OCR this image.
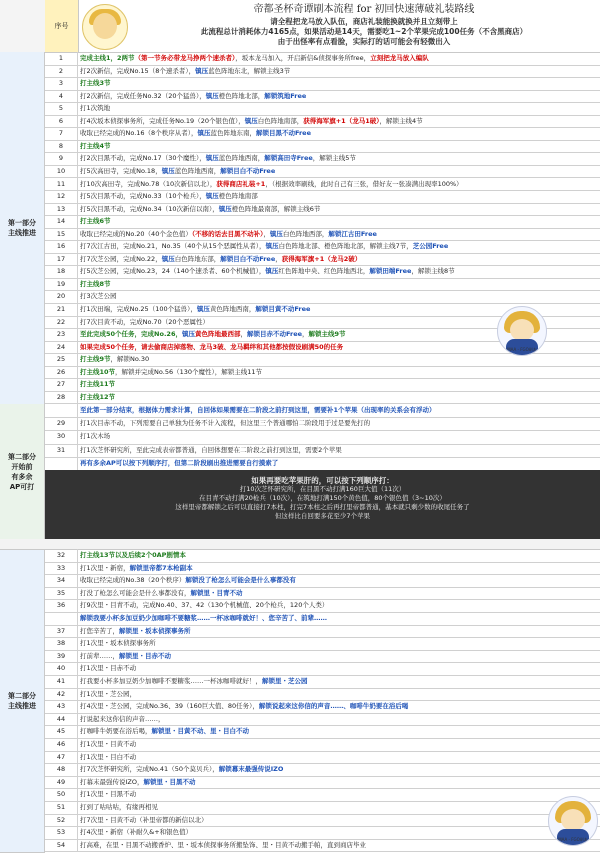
序号
帝都圣杯奇谭刷本流程 for 初回快速薄破礼装路线
请全程把龙马放入队伍，商店礼装能换就换并且立刻带上
此流程总计消耗体力4165点，如果活动是14天，需要吃1~2个苹果完成100任务（不含黑商店）
由于出怪率有点看脸，实际打的话可能会有轻微出入
第一部分
主线推进
第二部分
开始前
有多余
AP可打
第二部分
主线推进
1	完成主线1，2两节（第一节务必带龙马挣两个速杀者），坂本龙马加入，开启新信&侦探事务所free，立刻把龙马放入编队
2	打2次新信，完成No.15（8个速杀者），镇压蓝色阵地东北，解锁主线3节
3	打主线3节
4	打2次新信，完成任务No.32（20个猛兽），镇压橙色阵地北部，解锁筑地Free
5	打1次筑地
6	打4次坂本侦探事务所，完成任务No.19（20个银色值），镇压白色阵地南部，获得海军旗+1（龙马1破），解锁主线4节
7	收取已经完成的No.16（8个秩序从者），镇压蓝色阵地东南，解锁目黑不动Free
8	打主线4节
9	打2次目黑不动，完成No.17（30个魔性），镇压蓝色阵地西南，解锁高田寺Free，解锁主线5节
10	打5次高田寺，完成No.18，镇压蓝色阵地西南，解锁目白不动Free
11	打10次高田寺，完成No.78（10次新信以北），获得商店礼装+1，（根据效率刷线，此时自己有三张，借好友一张凑满出现率100%）
12	打5次目黑不动，完成No.33（10个枪兵），镇压橙色阵地南部
13	打5次目黑不动，完成No.34（10次新信以南），镇压橙色阵地最南部，解锁主线6节
14	打主线6节
15	收取已经完成的No.20（40个金色值）（不移的话去目黑不动补），镇压白色阵地西部，解锁江古田Free
16	打7次江古田，完成No.21，No.35（40个从15个恶属性从者），镇压白色阵地北部、橙色阵地北部，解锁主线7节，芝公园Free
17	打7次芝公园，完成No.22，镇压白色阵地东部，解锁目白不动Free，获得海军旗+1（龙马2破）
18	打5次芝公园，完成No.23，24（140个速杀者、60个机械值），镇压红色阵地中央、红色阵地西北，解锁田端Free，解锁主线8节
19	打主线8节
20	打3次芝公园
21	打1次田端，完成No.25（100个猛兽），镇压黄色阵地西南，解锁目黄不动Free
22	打7次目黄不动，完成No.70（20个恶属性）
23	至此完成50个任务，完成No.26，镇压黄色阵地最西部，解锁目赤不动Free，解锁主线9节
24	如果完成50个任务，请去偷商店掉落物、龙马3破、龙马羁绊和其他都按假设刷满50的任务
25	打主线9节，解锁No.30
26	打主线10节，解锁并完成No.56（130个魔性），解锁主线11节
27	打主线11节
28	打主线12节
至此第一部分结束，根据体力需求计算，自回体如果需要在二阶段之前打到这里，需要补1个苹果（出现率的关系会有浮动）
29	打1次目赤不动，下列需要自己单独为任务不计入流程，但这里三个普通哪怕二阶段用于过是要先打的
30	打1次木场
31	打1次芝怀研究所，至此完成表帝都普通，自回体想要在二阶段之前打到这里，需要2个苹果
再有多余AP可以按下列顺序打，但第二阶段刷出推进需要自行摸索了
如果再要吃苹果肝的，可以按下列顺序打：
打10次芝怀研究所，在目黑不动打满160巨大值（11次）
在目青不动打满20枪兵（10次），在筑地打满150个黄色值，80个银色值（3~10次）
这样里帝都解锁之后可以直接打7本柱，打完7本柱之后再打里帝都普通，基本就只剩少数的收尾任务了
但这样比自回要多花至少7个苹果
32	打主线13节以及后续2个0AP剧情本
33	打1次里・新宿，解锁里帝都7本枪副本
34	收取已经完成的No.38（20个秩序）解锁没了枪怎么可能会是什么事都没有
35	打没了枪怎么可能会是什么事都没有，解锁里・目青不动
36	打9次里・目青不动，完成No.40、37、42（130个机械值、20个枪兵，120个人类）
解锁我要小杯多加豆奶少加咖啡不要糖浆……一杯冰咖啡就好！、您辛苦了、前辈……
37	打您辛苦了，解锁里・坂本侦探事务所
38	打1次里・坂本侦探事务所
39	打前辈……，解锁里・目赤不动
40	打1次里・目赤不动
41	打我要小杯多加豆奶少加咖啡不要糖浆……一杯冰咖啡就好！，解锁里・芝公园
42	打1次里・芝公园，
43	打4次里・芝公园，完成No.36、39（160巨大值、80任务），解锁说起来这你信的声音……、咖啡牛奶要在浴后喝
44	打说起来这你信的声音……，
45	打咖啡牛奶要在浴后喝，解锁里・目黄不动、里・目白不动
46	打1次里・目黄不动
47	打1次里・目白不动
48	打7次芝怀研究所，完成No.41（50个莫贝兵），解锁幕末最强传说IZO
49	打幕末最强传说IZO，解锁里・目黑不动
50	打1次里・目黑不动
51	打到了咕咕咕，有缘再相见
52	打7次里・目黄不动（补里帝都的新信以北）
53	打4次里・新宿（补耐久&+和银色值）
54	打高难，在里・目黑不动搬香炉、里・坂本侦探事务所搬坠饰、里・目黄不动搬手帕，直到商店毕业
MAA - FGO刷本
MAA - FGO刷本
